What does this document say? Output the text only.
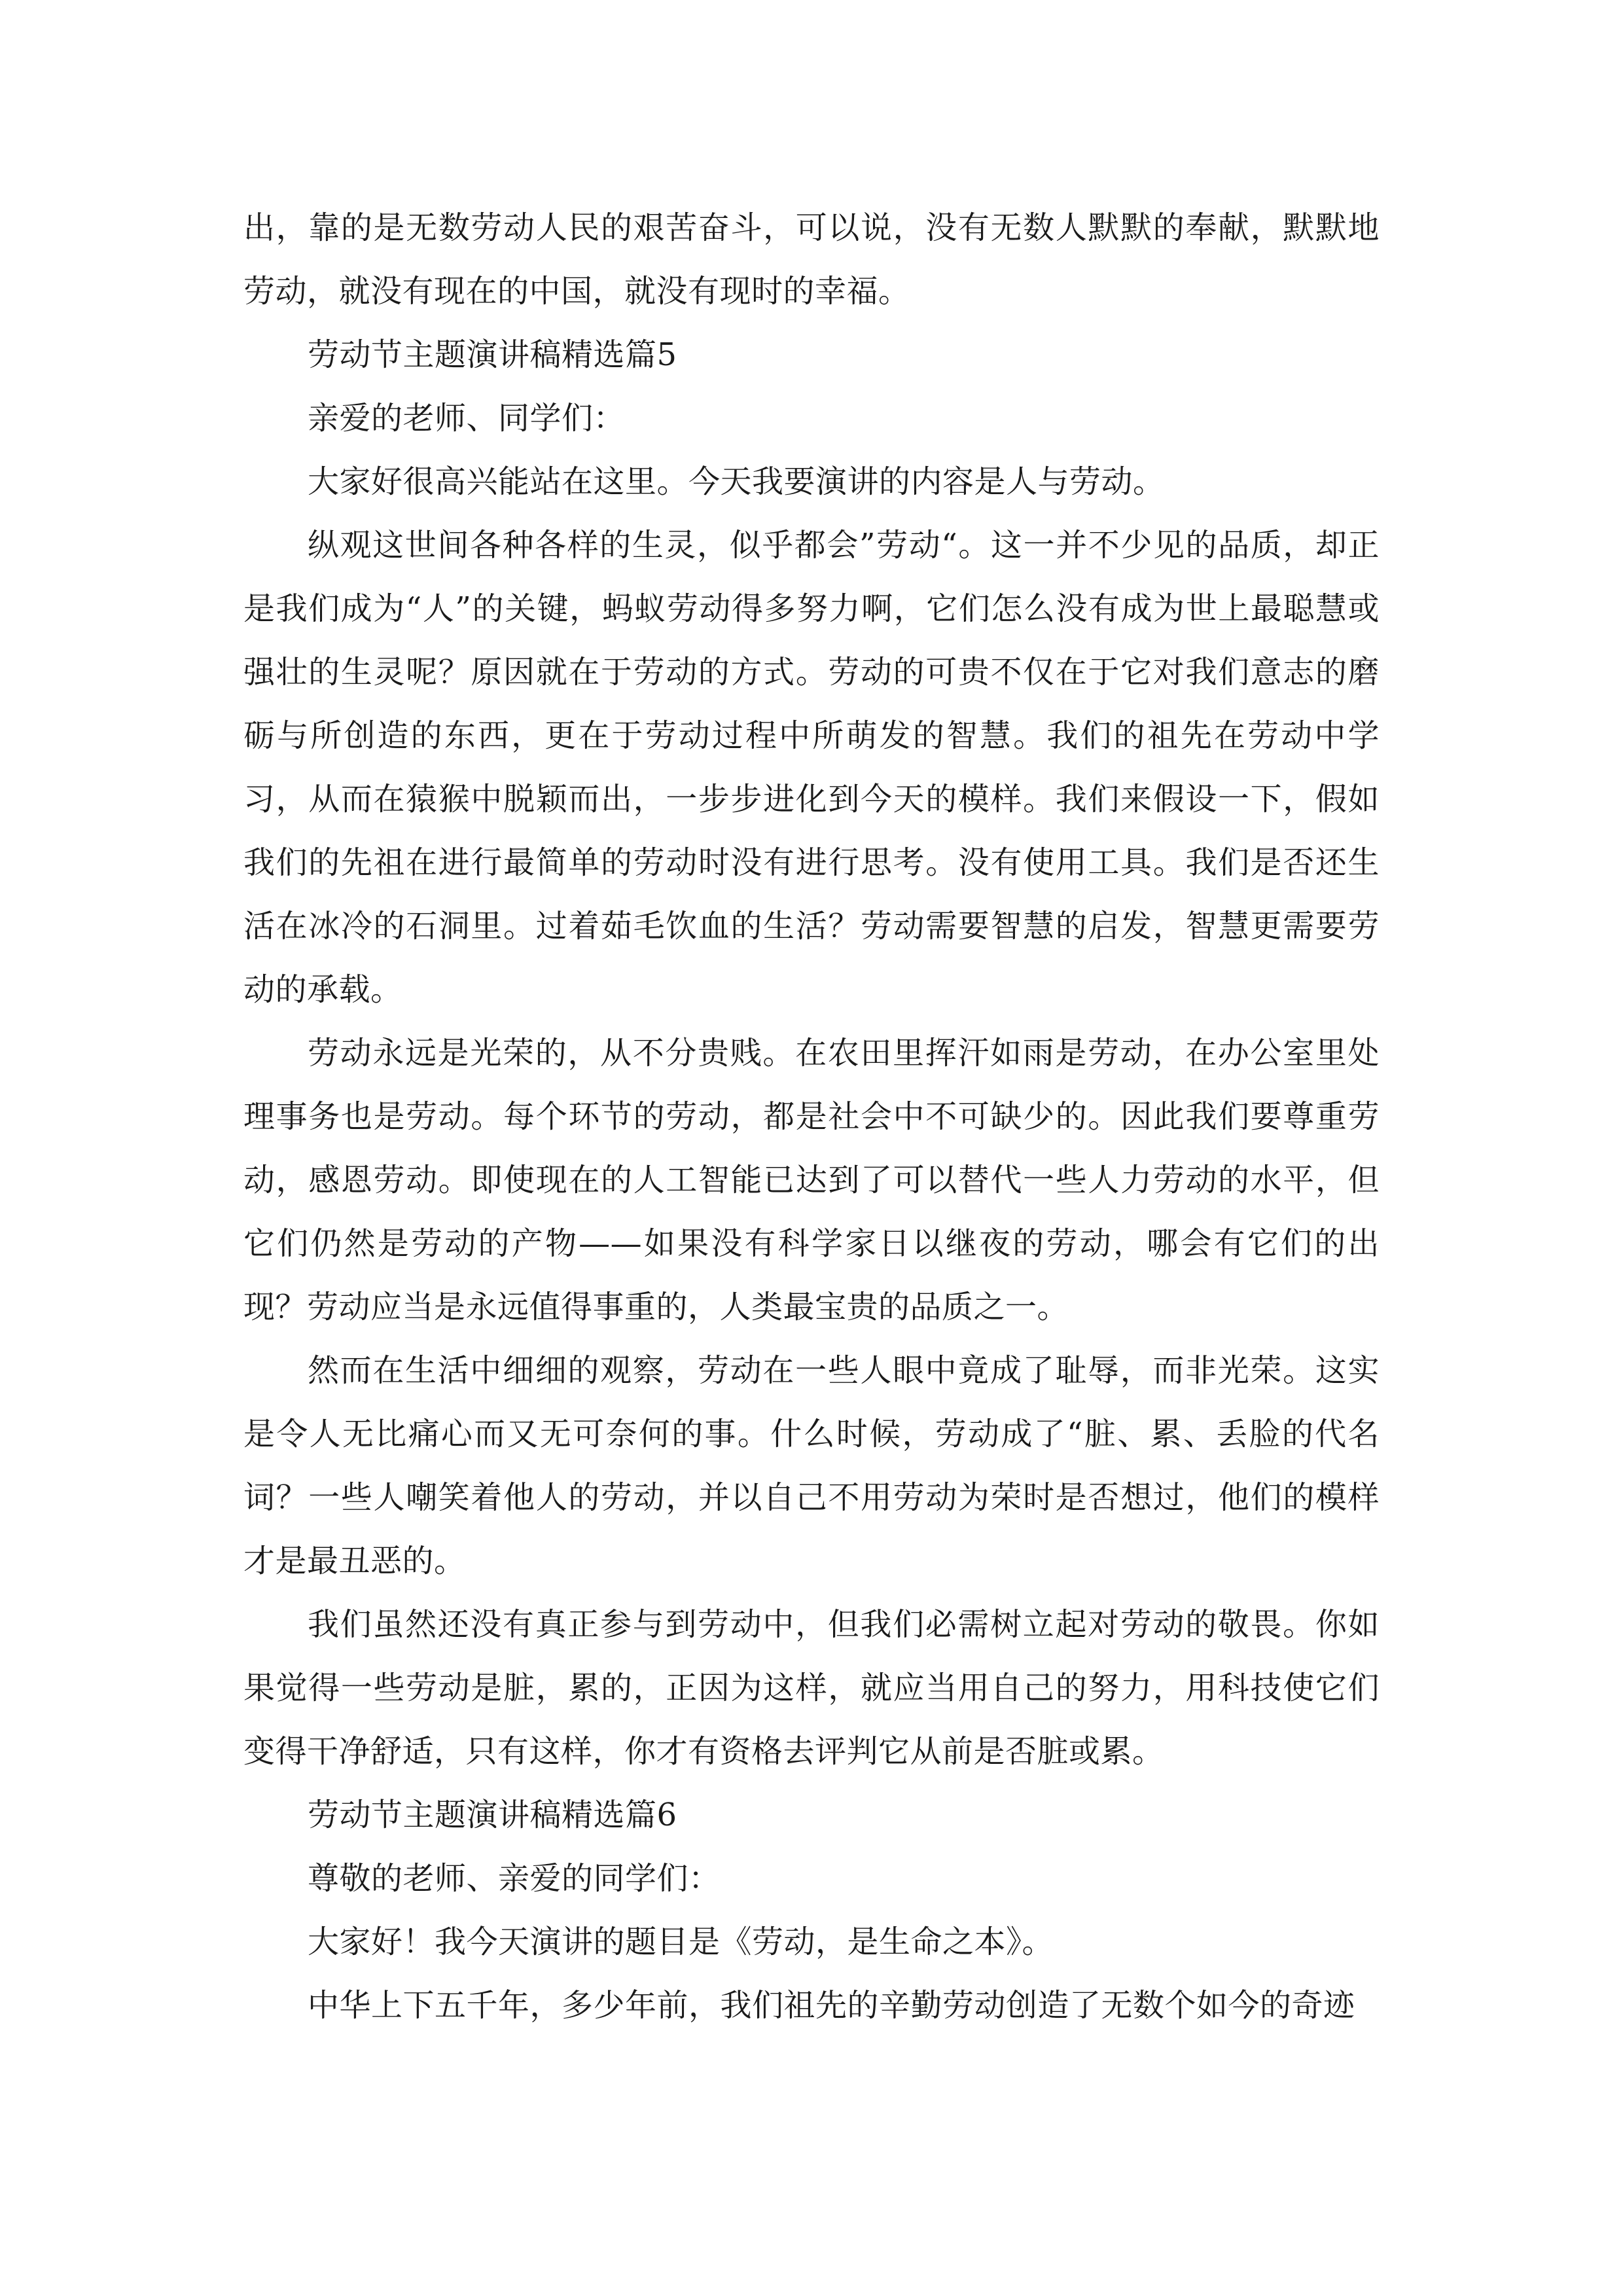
出，靠的是无数劳动人民的艰苦奋斗，可以说，没有无数人默默的奉献，默默地劳动，就没有现在的中国，就没有现时的幸福。

劳动节主题演讲稿精选篇5

亲爱的老师、同学们：

大家好很高兴能站在这里。今天我要演讲的内容是人与劳动。

纵观这世间各种各样的生灵，似乎都会”劳动“。这一并不少见的品质，却正是我们成为“人”的关键，蚂蚁劳动得多努力啊，它们怎么没有成为世上最聪慧或强壮的生灵呢？原因就在于劳动的方式。劳动的可贵不仅在于它对我们意志的磨砺与所创造的东西，更在于劳动过程中所萌发的智慧。我们的祖先在劳动中学习，从而在猿猴中脱颖而出，一步步进化到今天的模样。我们来假设一下，假如我们的先祖在进行最简单的劳动时没有进行思考。没有使用工具。我们是否还生活在冰冷的石洞里。过着茹毛饮血的生活？劳动需要智慧的启发，智慧更需要劳动的承载。

劳动永远是光荣的，从不分贵贱。在农田里挥汗如雨是劳动，在办公室里处理事务也是劳动。每个环节的劳动，都是社会中不可缺少的。因此我们要尊重劳动，感恩劳动。即使现在的人工智能已达到了可以替代一些人力劳动的水平，但它们仍然是劳动的产物——如果没有科学家日以继夜的劳动，哪会有它们的出现？劳动应当是永远值得事重的，人类最宝贵的品质之一。

然而在生活中细细的观察，劳动在一些人眼中竟成了耻辱，而非光荣。这实是令人无比痛心而又无可奈何的事。什么时候，劳动成了“脏、累、丢脸的代名词？一些人嘲笑着他人的劳动，并以自己不用劳动为荣时是否想过，他们的模样才是最丑恶的。

我们虽然还没有真正参与到劳动中，但我们必需树立起对劳动的敬畏。你如果觉得一些劳动是脏，累的，正因为这样，就应当用自己的努力，用科技使它们变得干净舒适，只有这样，你才有资格去评判它从前是否脏或累。

劳动节主题演讲稿精选篇6

尊敬的老师、亲爱的同学们：

大家好！我今天演讲的题目是《劳动，是生命之本》。

中华上下五千年，多少年前，我们祖先的辛勤劳动创造了无数个如今的奇迹
